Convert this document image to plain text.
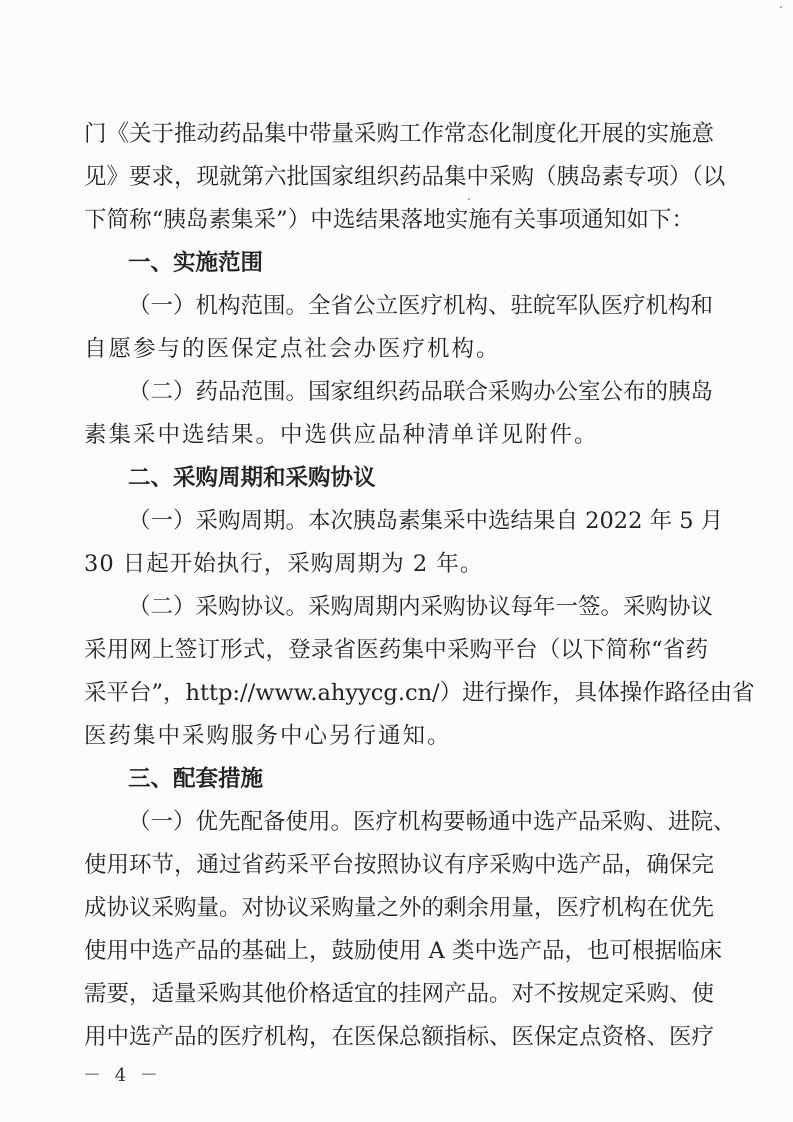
门《关于推动药品集中带量采购工作常态化制度化开展的实施意
见》要求，现就第六批国家组织药品集中采购（胰岛素专项）（以
下简称“胰岛素集采”）中选结果落地实施有关事项通知如下：
一、实施范围
（一）机构范围。全省公立医疗机构、驻皖军队医疗机构和
自愿参与的医保定点社会办医疗机构。
（二）药品范围。国家组织药品联合采购办公室公布的胰岛
素集采中选结果。中选供应品种清单详见附件。
二、采购周期和采购协议
（一）采购周期。本次胰岛素集采中选结果自 2022 年 5 月
30 日起开始执行，采购周期为 2 年。
（二）采购协议。采购周期内采购协议每年一签。采购协议
采用网上签订形式，登录省医药集中采购平台（以下简称“省药
采平台”，http://www.ahyycg.cn/）进行操作，具体操作路径由省
医药集中采购服务中心另行通知。
三、配套措施
（一）优先配备使用。医疗机构要畅通中选产品采购、进院、
使用环节，通过省药采平台按照协议有序采购中选产品，确保完
成协议采购量。对协议采购量之外的剩余用量，医疗机构在优先
使用中选产品的基础上，鼓励使用 A 类中选产品，也可根据临床
需要，适量采购其他价格适宜的挂网产品。对不按规定采购、使
用中选产品的医疗机构，在医保总额指标、医保定点资格、医疗
－ 4 －
